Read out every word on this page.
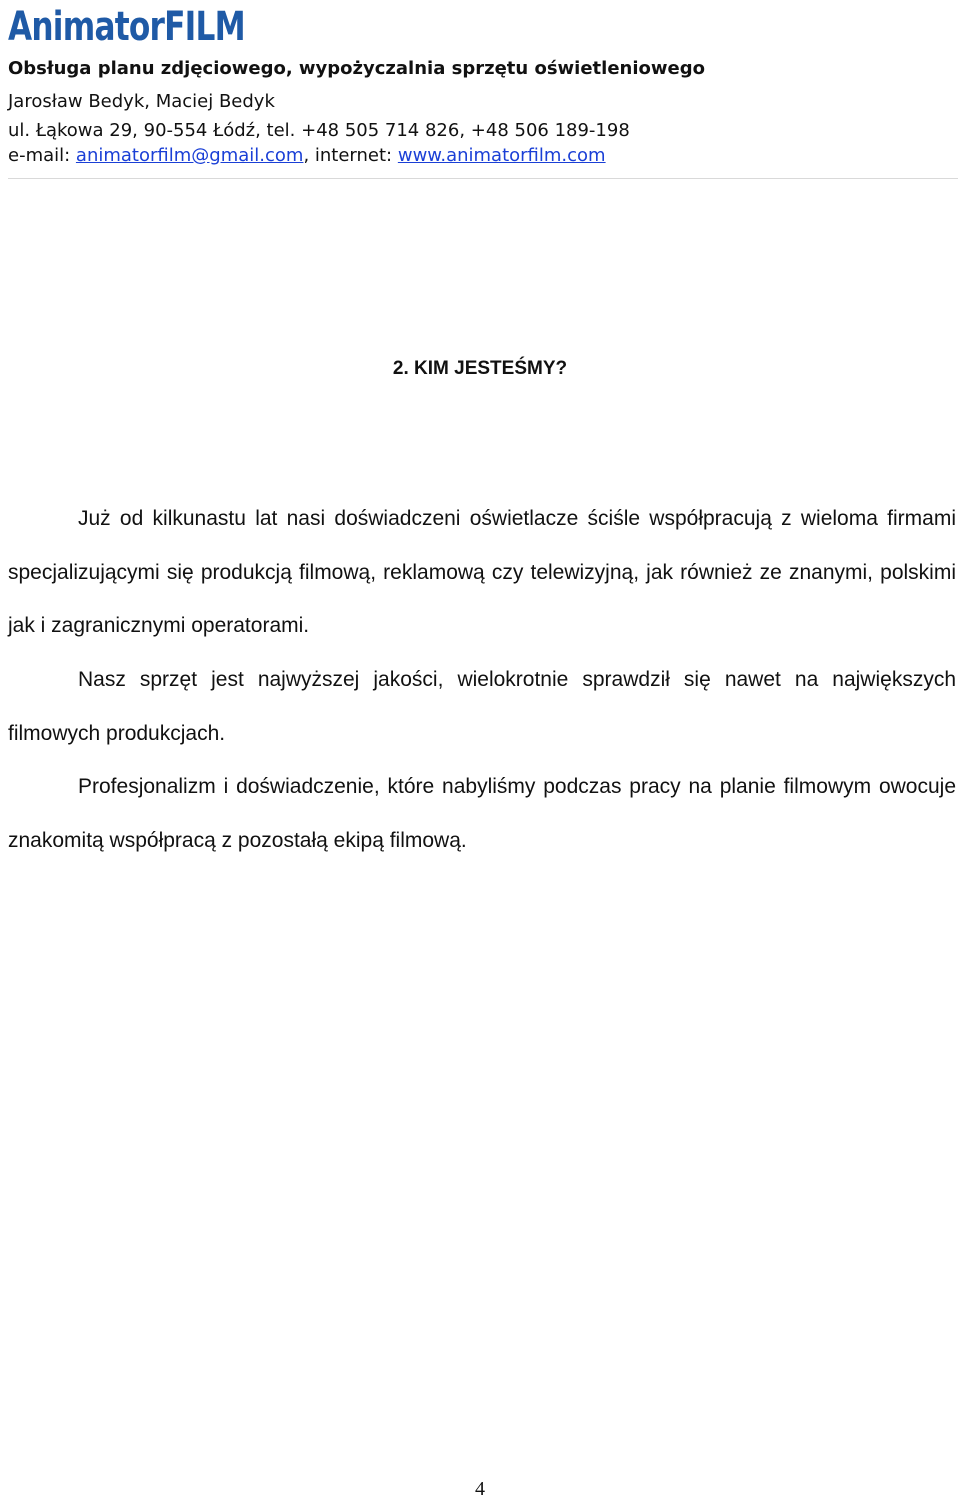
AnimatorFILM
Obsługa planu zdjęciowego, wypożyczalnia sprzętu oświetleniowego
Jarosław Bedyk, Maciej Bedyk
ul. Łąkowa 29, 90-554 Łódź, tel. +48 505 714 826, +48 506 189-198
e-mail: animatorfilm@gmail.com, internet: www.animatorfilm.com
2. KIM JESTEŚMY?

Już od kilkunastu lat nasi doświadczeni oświetlacze ściśle współpracują z wieloma firmami specjalizującymi się produkcją filmową, reklamową czy telewizyjną, jak również ze znanymi, polskimi jak i zagranicznymi operatorami.

Nasz sprzęt jest najwyższej jakości, wielokrotnie sprawdził się nawet na największych filmowych produkcjach.

Profesjonalizm i doświadczenie, które nabyliśmy podczas pracy na planie filmowym owocuje znakomitą współpracą z pozostałą ekipą filmową.

4
